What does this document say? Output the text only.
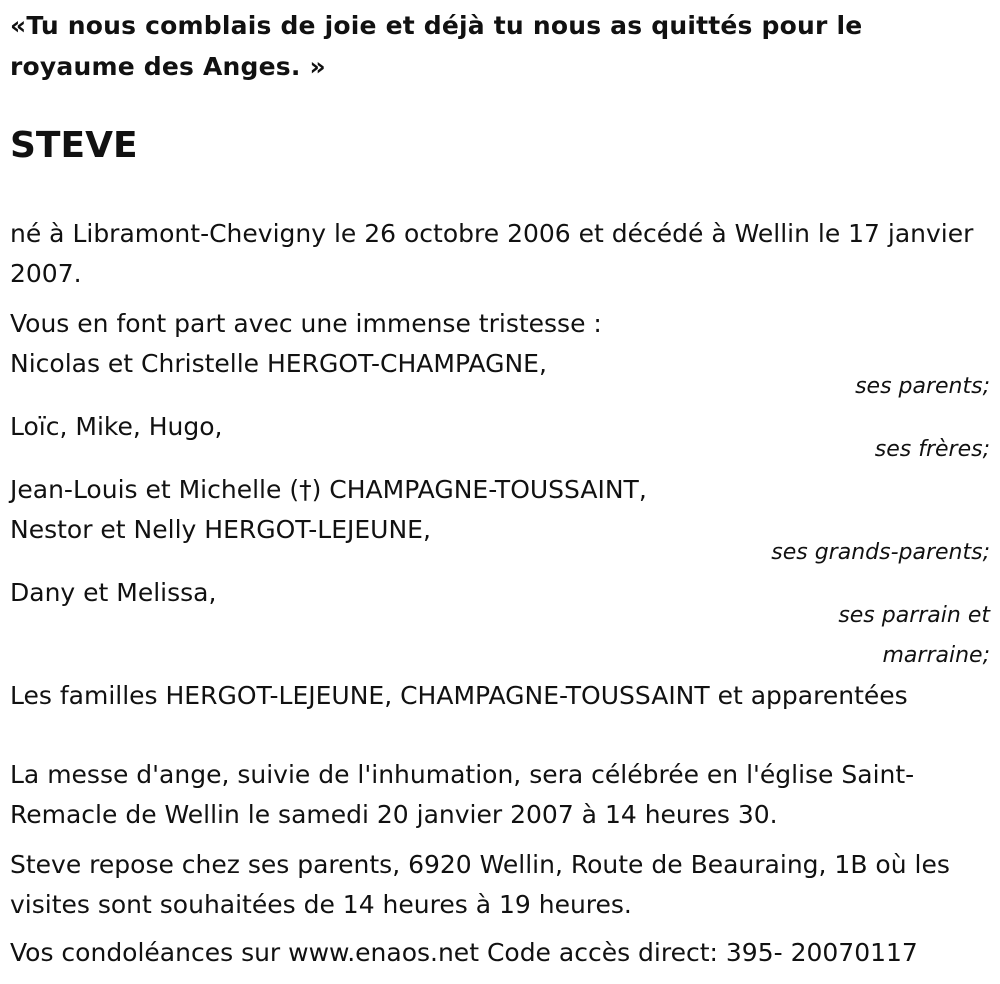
«Tu nous comblais de joie et déjà tu nous as quittés pour le royaume des Anges. »
STEVE
né à Libramont-Chevigny le 26 octobre 2006 et décédé à Wellin le 17 janvier 2007.
Vous en font part avec une immense tristesse :
Nicolas et Christelle HERGOT-CHAMPAGNE,
ses parents;
Loïc, Mike, Hugo,
ses frères;
Jean-Louis et Michelle (†) CHAMPAGNE-TOUSSAINT,
Nestor et Nelly HERGOT-LEJEUNE,
ses grands-parents;
Dany et Melissa,
ses parrain et marraine;
Les familles HERGOT-LEJEUNE, CHAMPAGNE-TOUSSAINT et apparentées
La messe d'ange, suivie de l'inhumation, sera célébrée en l'église Saint-Remacle de Wellin le samedi 20 janvier 2007 à 14 heures 30.
Steve repose chez ses parents, 6920 Wellin, Route de Beauraing, 1B où les visites sont souhaitées de 14 heures à 19 heures.
Vos condoléances sur www.enaos.net Code accès direct: 395- 20070117
